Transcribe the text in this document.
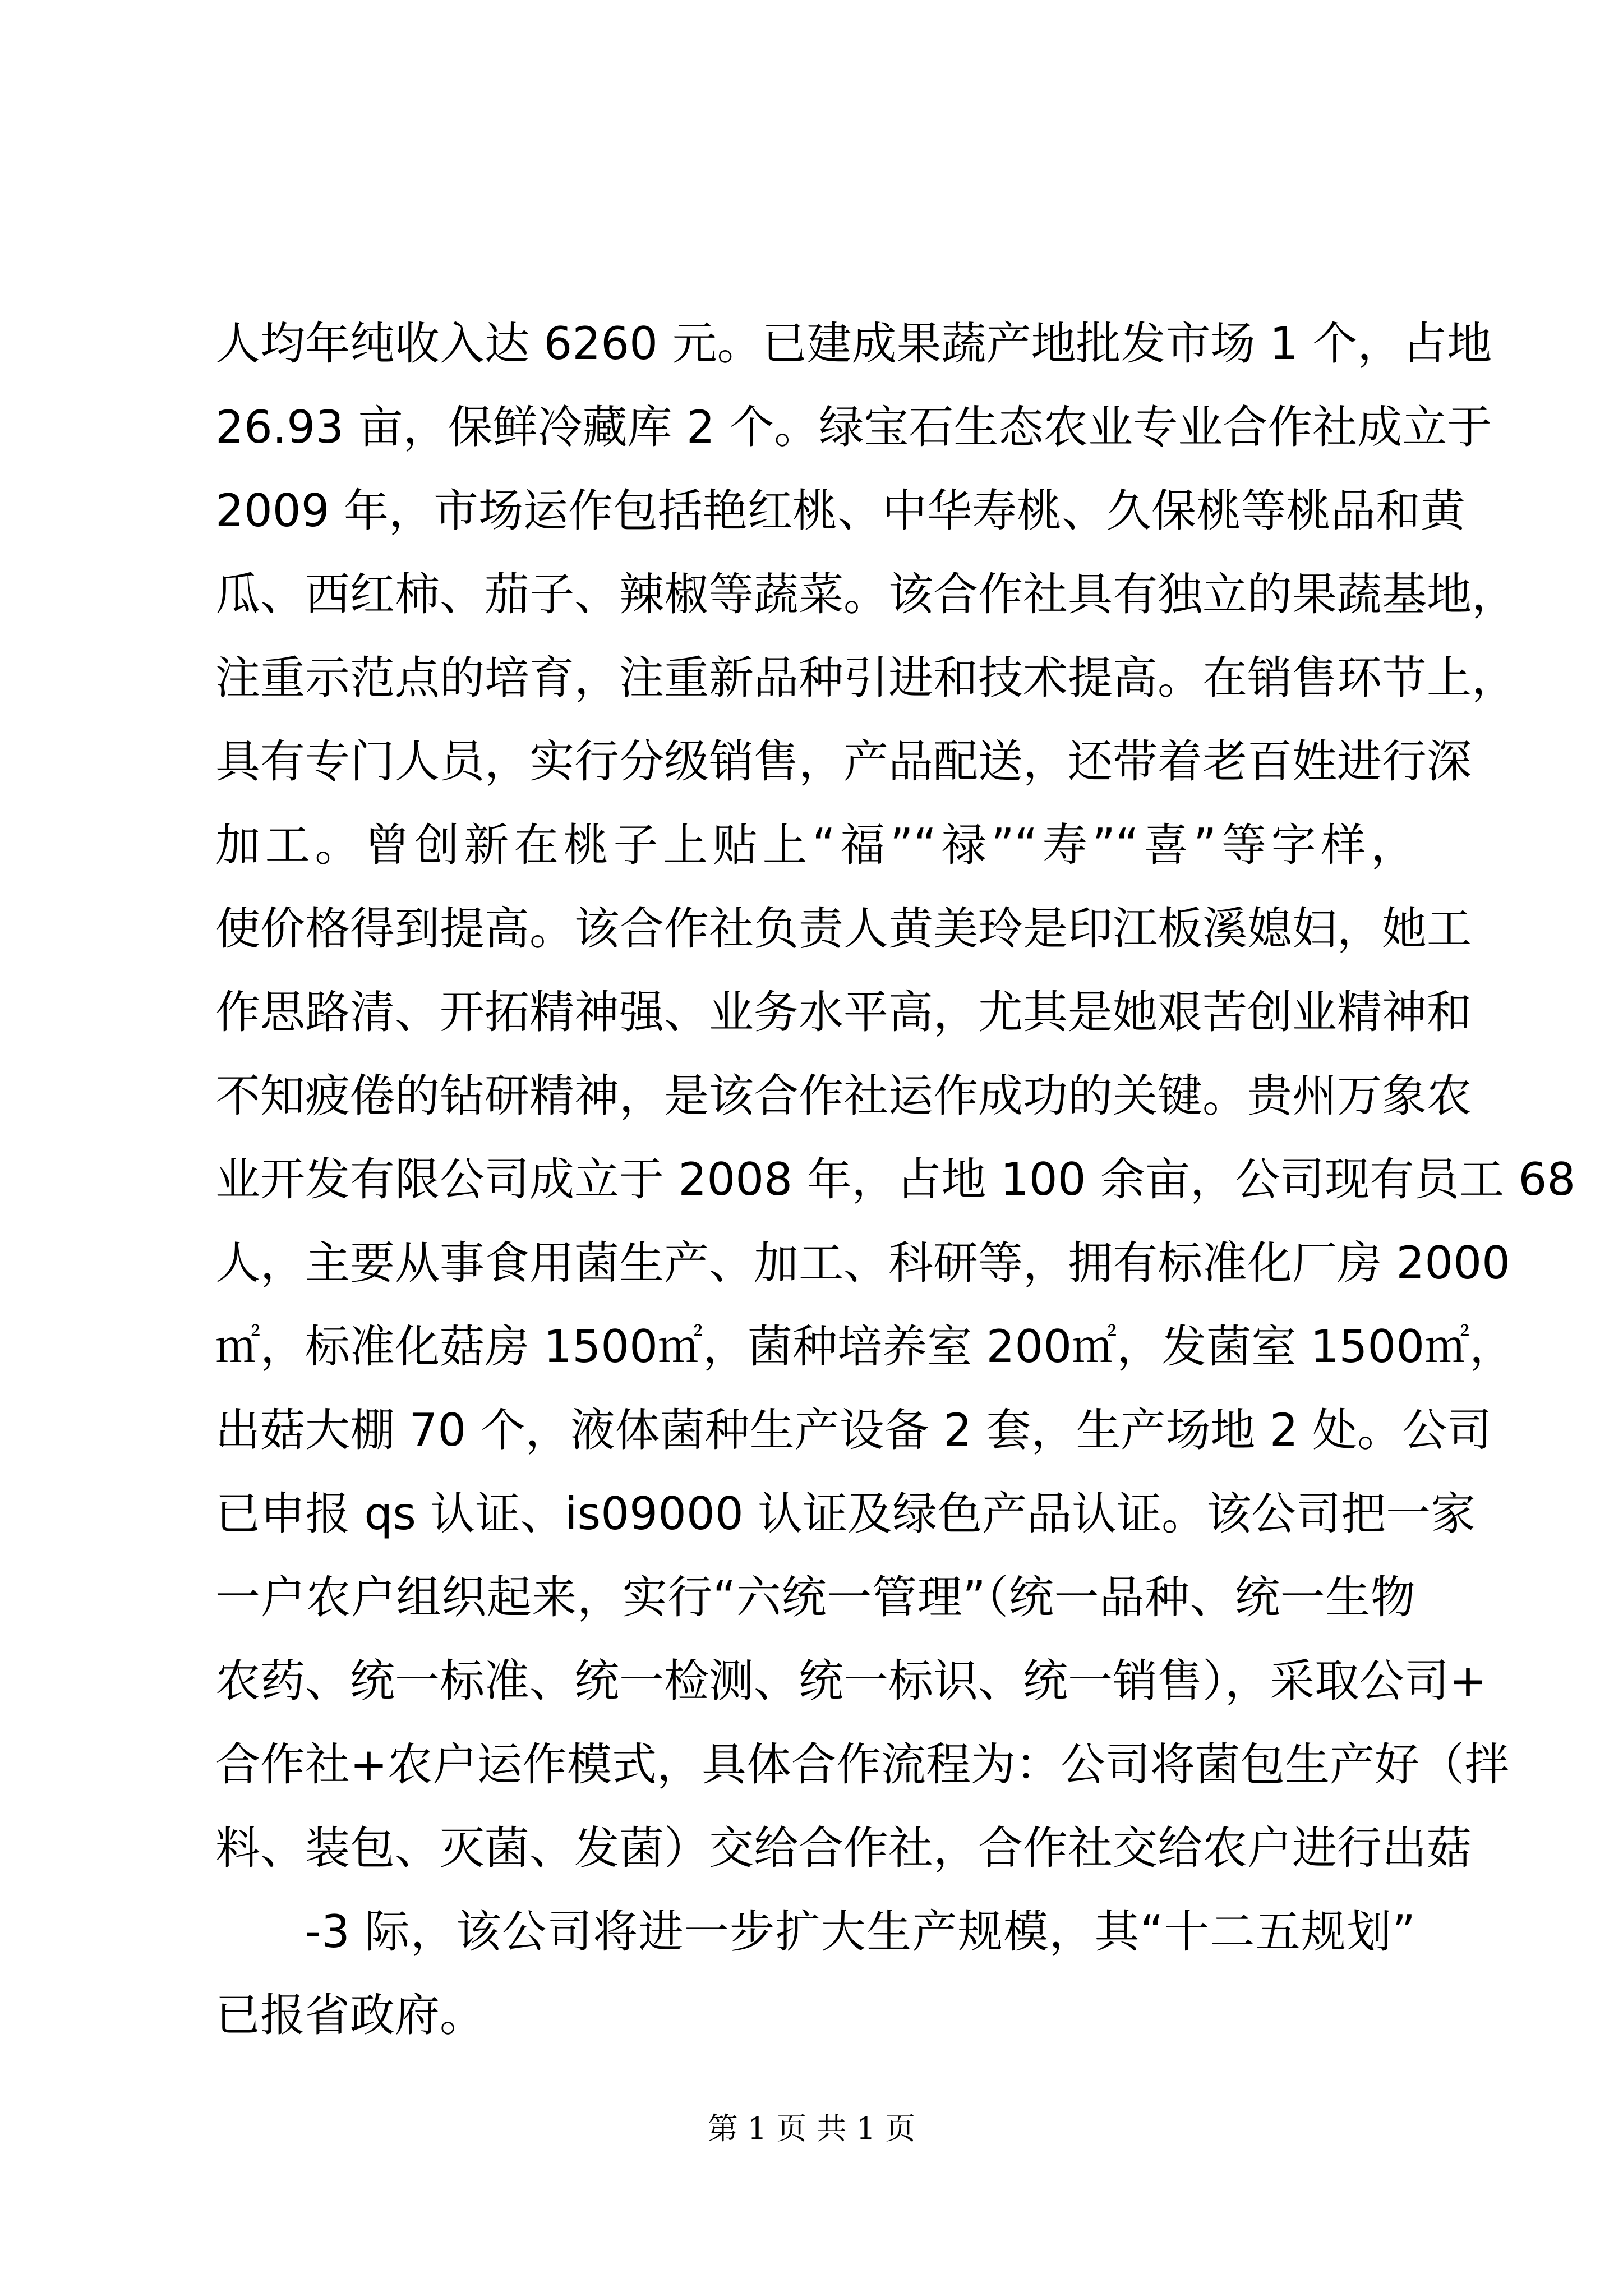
人均年纯收入达 6260 元。已建成果蔬产地批发市场 1 个，占地
26.93 亩，保鲜冷藏库 2 个。绿宝石生态农业专业合作社成立于
2009 年，市场运作包括艳红桃、中华寿桃、久保桃等桃品和黄
瓜、西红柿、茄子、辣椒等蔬菜。该合作社具有独立的果蔬基地，
注重示范点的培育，注重新品种引进和技术提高。在销售环节上，
具有专门人员，实行分级销售，产品配送，还带着老百姓进行深
加工。曾创新在桃子上贴上“福”“禄”“寿”“喜”等字样，
使价格得到提高。该合作社负责人黄美玲是印江板溪媳妇，她工
作思路清、开拓精神强、业务水平高，尤其是她艰苦创业精神和
不知疲倦的钻研精神，是该合作社运作成功的关键。贵州万象农
业开发有限公司成立于 2008 年，占地 100 余亩，公司现有员工 68
人，主要从事食用菌生产、加工、科研等，拥有标准化厂房 2000
㎡，标准化菇房 1500㎡，菌种培养室 200㎡，发菌室 1500㎡，
出菇大棚 70 个，液体菌种生产设备 2 套，生产场地 2 处。公司
已申报 qs 认证、is09000 认证及绿色产品认证。该公司把一家
一户农户组织起来，实行“六统一管理”（统一品种、统一生物
农药、统一标准、统一检测、统一标识、统一销售），采取公司+
合作社+农户运作模式，具体合作流程为：公司将菌包生产好（拌
料、装包、灭菌、发菌）交给合作社，合作社交给农户进行出菇
-3 际，该公司将进一步扩大生产规模，其“十二五规划”
已报省政府。
第 1 页 共 1 页
